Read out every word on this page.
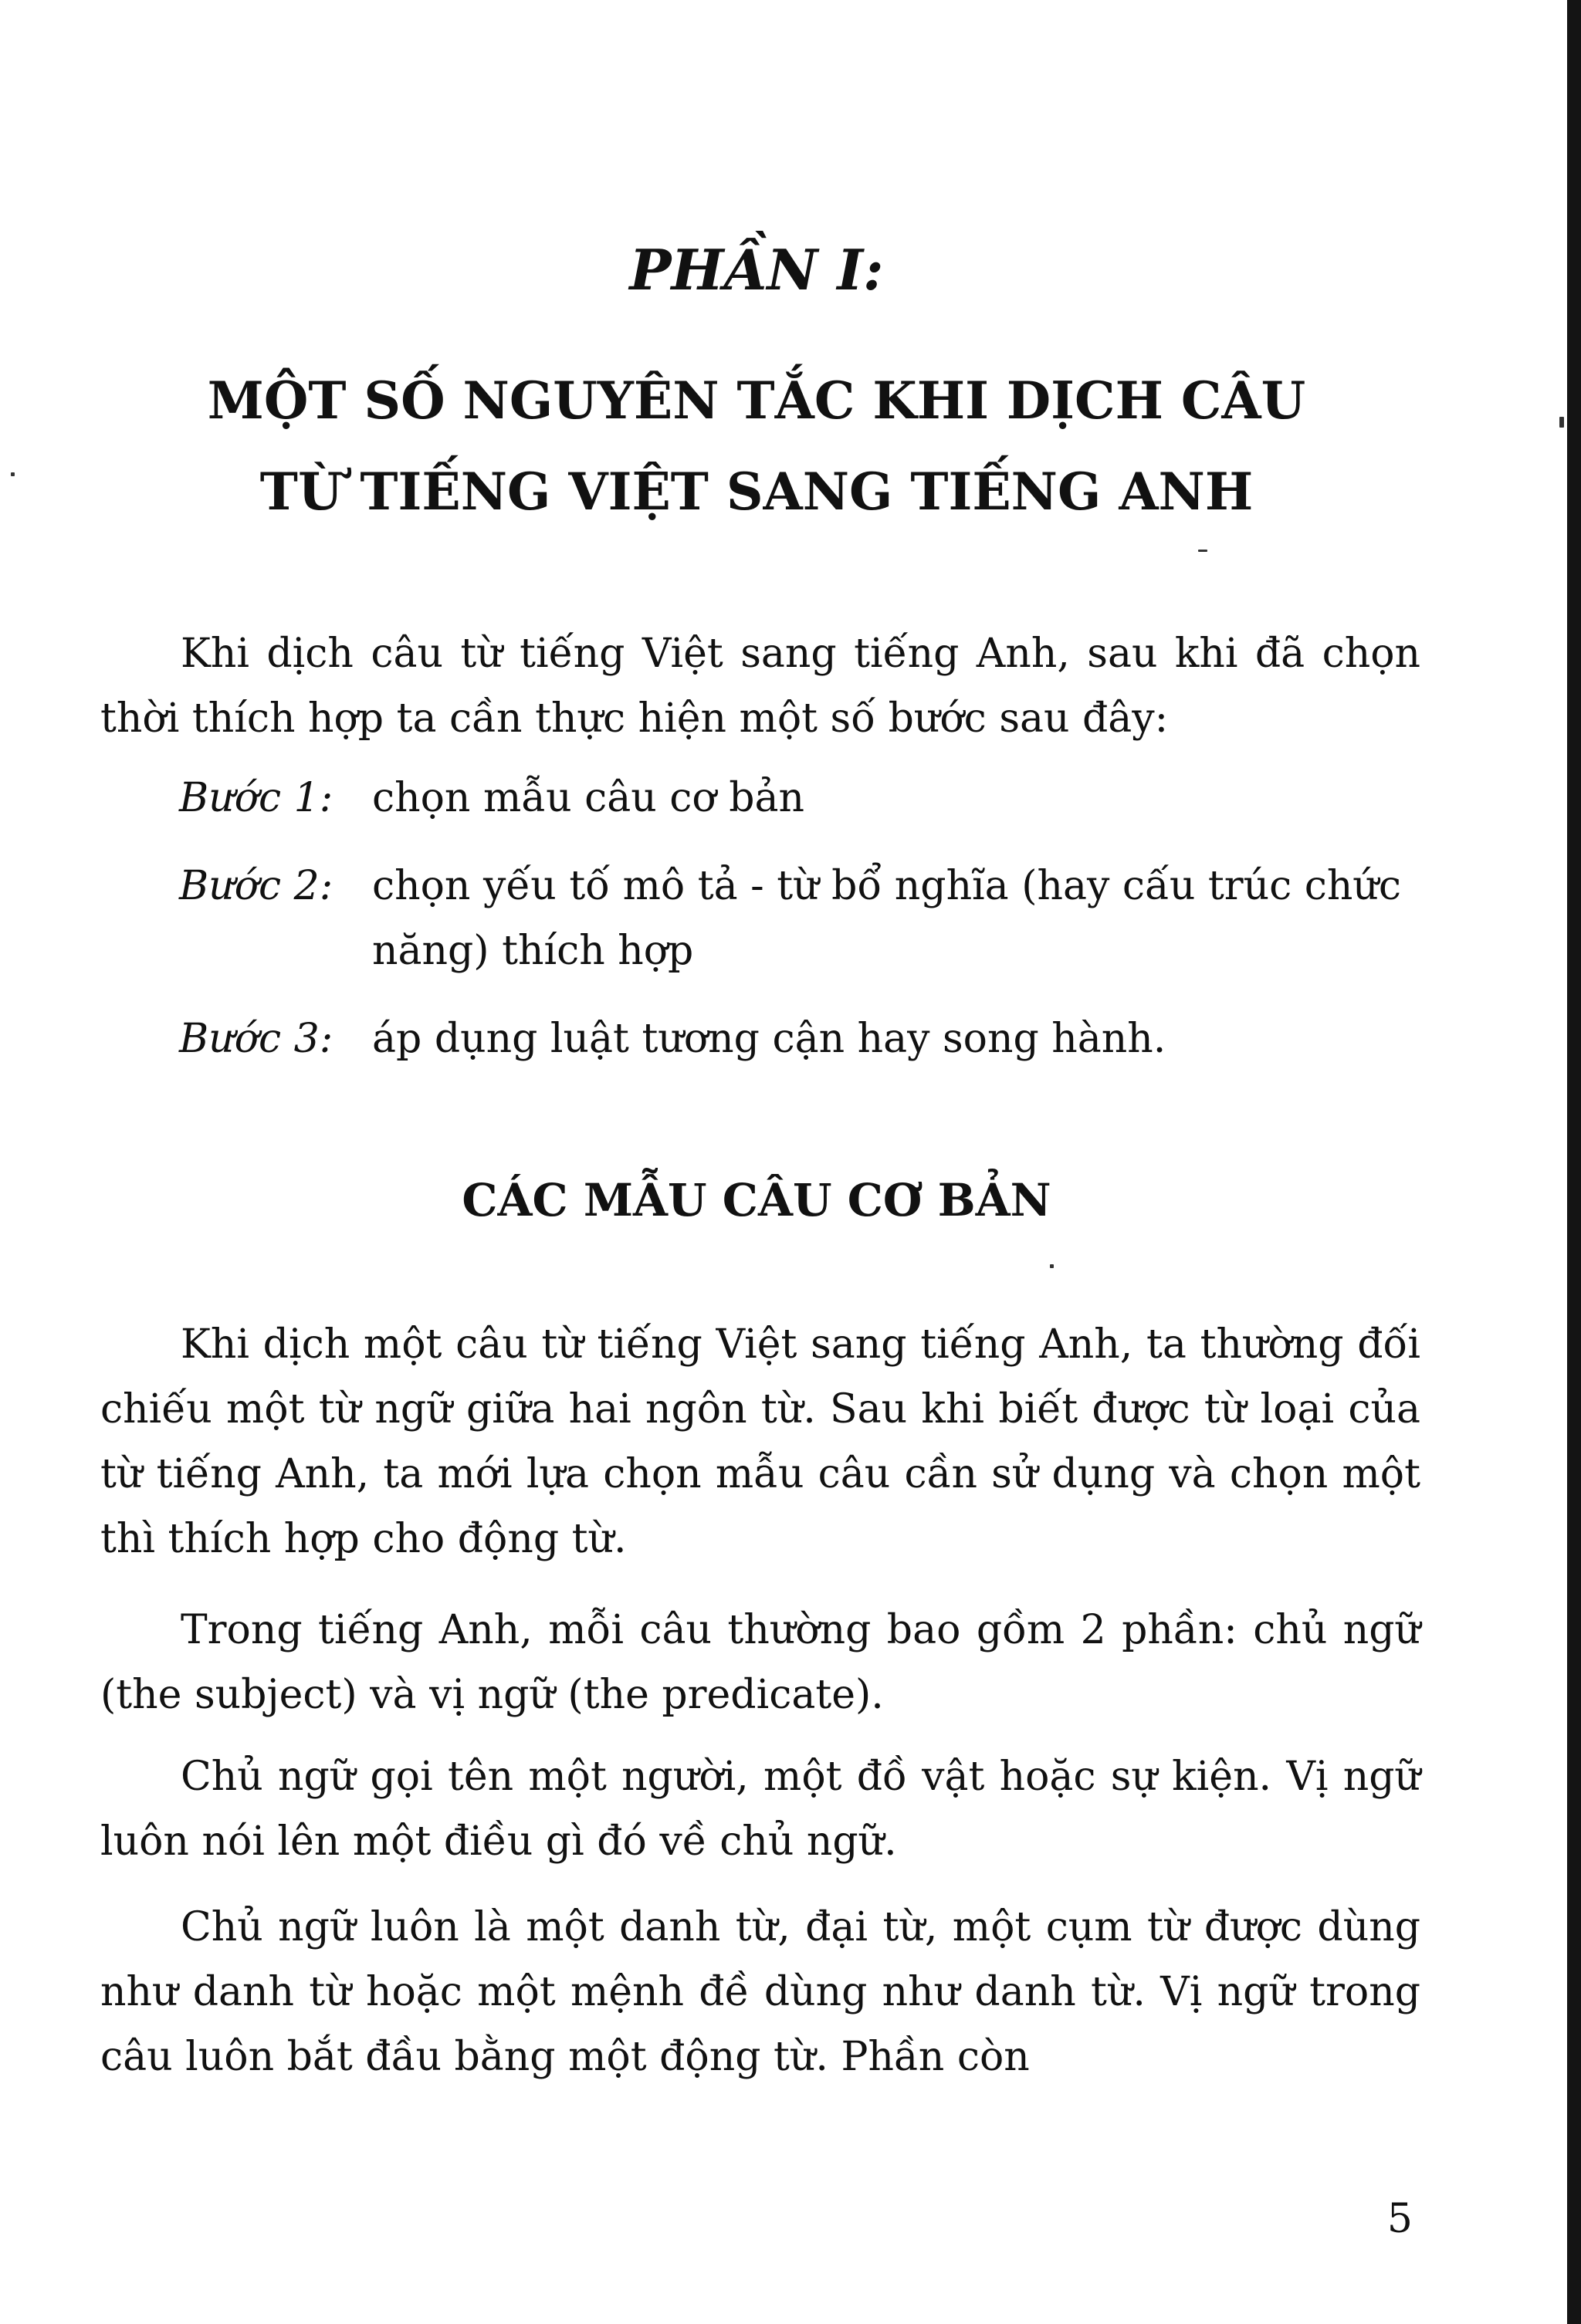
PHẦN I:
MỘT SỐ NGUYÊN TẮC KHI DỊCH CÂU
TỪ TIẾNG VIỆT SANG TIẾNG ANH

Khi dịch câu từ tiếng Việt sang tiếng Anh, sau khi đã chọn thời thích hợp ta cần thực hiện một số bước sau đây:

Bước 1: chọn mẫu câu cơ bản
Bước 2: chọn yếu tố mô tả - từ bổ nghĩa (hay cấu trúc chức năng) thích hợp
Bước 3: áp dụng luật tương cận hay song hành.
CÁC MẪU CÂU CƠ BẢN

Khi dịch một câu từ tiếng Việt sang tiếng Anh, ta thường đối chiếu một từ ngữ giữa hai ngôn từ. Sau khi biết được từ loại của từ tiếng Anh, ta mới lựa chọn mẫu câu cần sử dụng và chọn một thì thích hợp cho động từ.

Trong tiếng Anh, mỗi câu thường bao gồm 2 phần: chủ ngữ (the subject) và vị ngữ (the predicate).

Chủ ngữ gọi tên một người, một đồ vật hoặc sự kiện. Vị ngữ luôn nói lên một điều gì đó về chủ ngữ.

Chủ ngữ luôn là một danh từ, đại từ, một cụm từ được dùng như danh từ hoặc một mệnh đề dùng như danh từ. Vị ngữ trong câu luôn bắt đầu bằng một động từ. Phần còn

5
